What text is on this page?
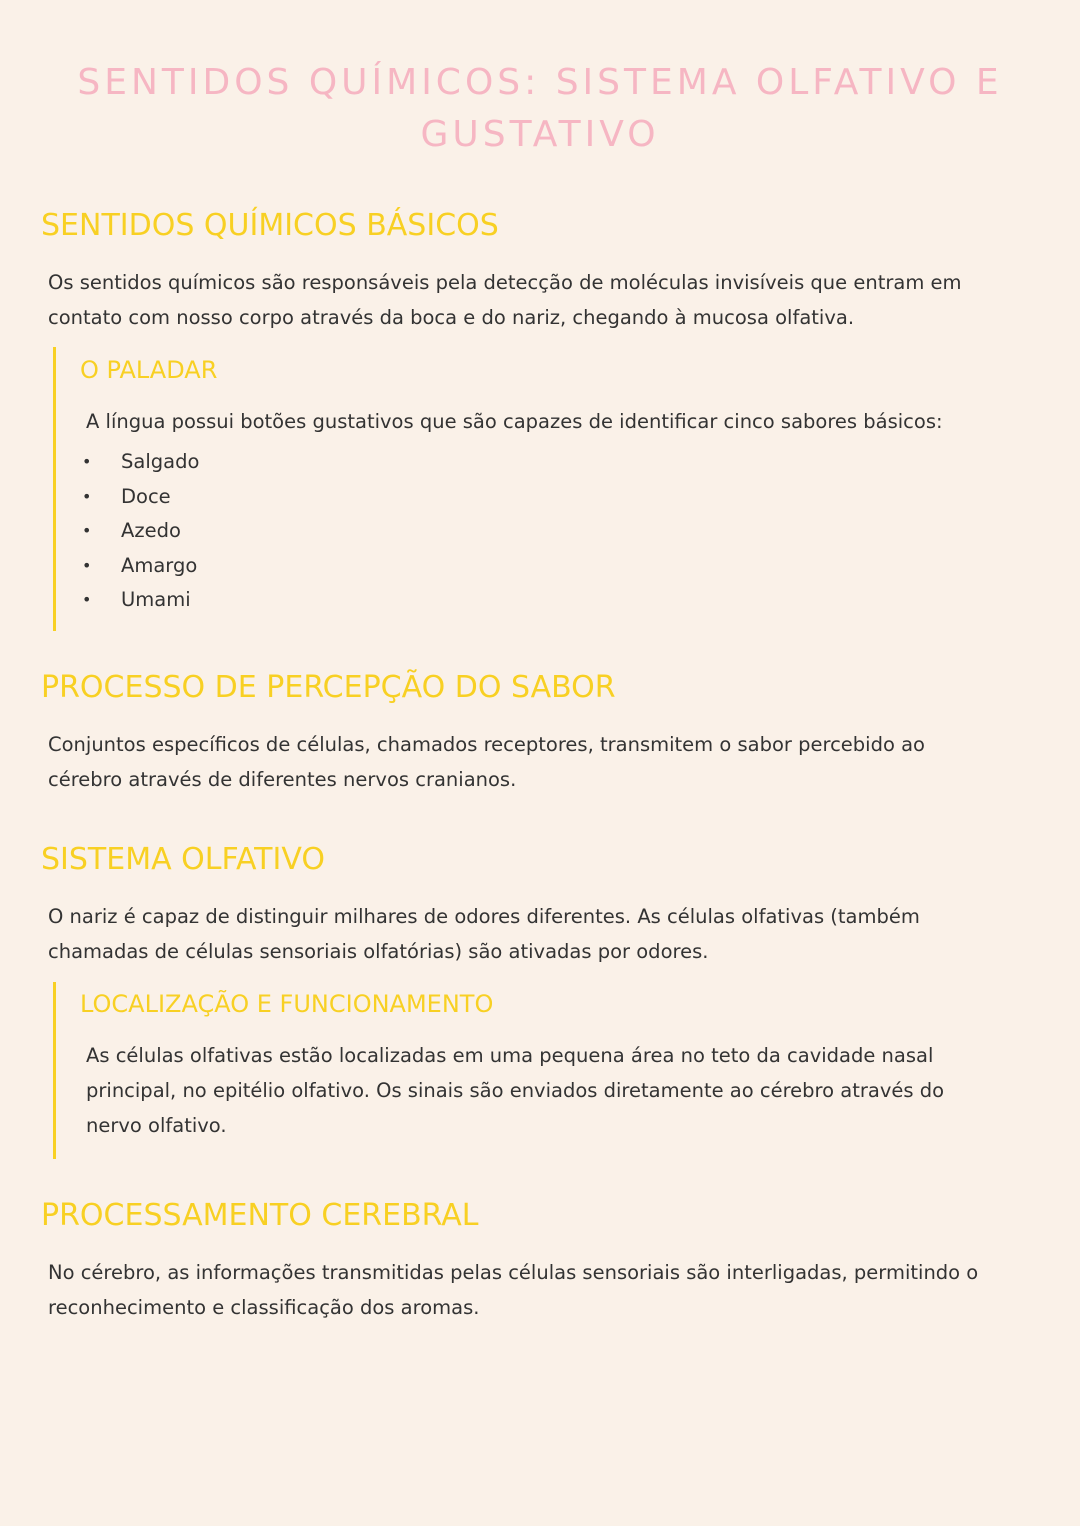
SENTIDOS QUÍMICOS: SISTEMA OLFATIVO E GUSTATIVO
SENTIDOS QUÍMICOS BÁSICOS

Os sentidos químicos são responsáveis pela detecção de moléculas invisíveis que entram em contato com nosso corpo através da boca e do nariz, chegando à mucosa olfativa.

O PALADAR

A língua possui botões gustativos que são capazes de identificar cinco sabores básicos:

• Salgado
• Doce
• Azedo
• Amargo
• Umami
PROCESSO DE PERCEPÇÃO DO SABOR

Conjuntos específicos de células, chamados receptores, transmitem o sabor percebido ao cérebro através de diferentes nervos cranianos.

SISTEMA OLFATIVO

O nariz é capaz de distinguir milhares de odores diferentes. As células olfativas (também chamadas de células sensoriais olfatórias) são ativadas por odores.

LOCALIZAÇÃO E FUNCIONAMENTO

As células olfativas estão localizadas em uma pequena área no teto da cavidade nasal principal, no epitélio olfativo. Os sinais são enviados diretamente ao cérebro através do nervo olfativo.

PROCESSAMENTO CEREBRAL

No cérebro, as informações transmitidas pelas células sensoriais são interligadas, permitindo o reconhecimento e classificação dos aromas.
